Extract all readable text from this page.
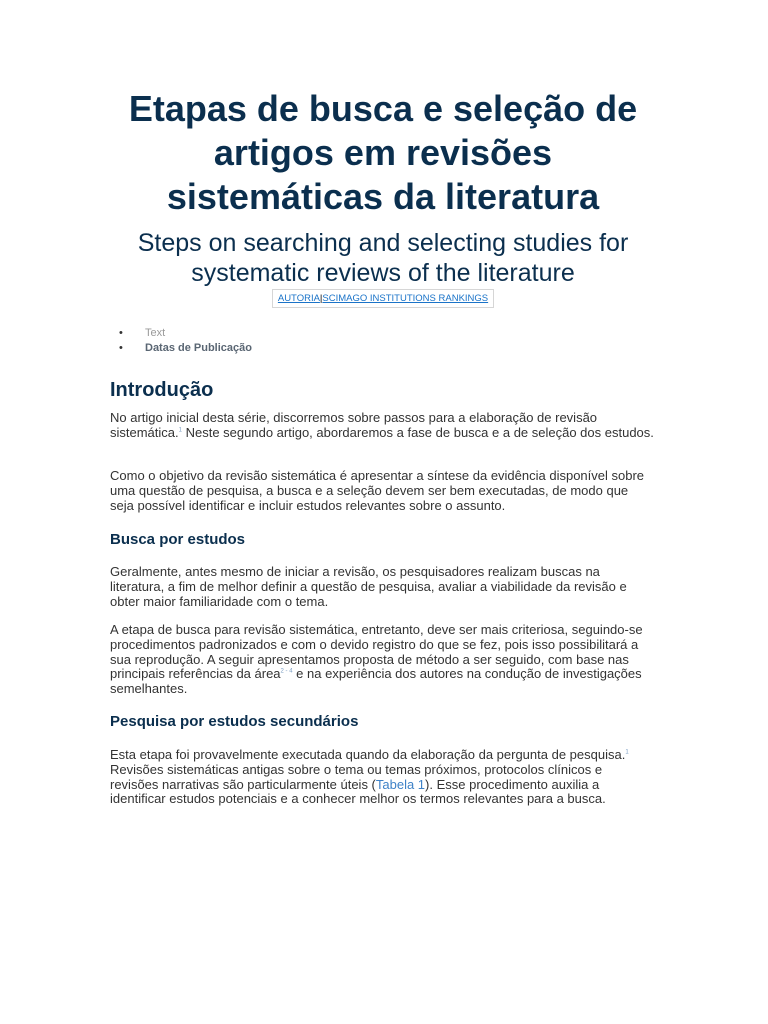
Etapas de busca e seleção de artigos em revisões sistemáticas da literatura
Steps on searching and selecting studies for systematic reviews of the literature
AUTORIA|SCIMAGO INSTITUTIONS RANKINGS
• Text
• Datas de Publicação
Introdução

No artigo inicial desta série, discorremos sobre passos para a elaboração de revisão sistemática.$^1$ Neste segundo artigo, abordaremos a fase de busca e a de seleção dos estudos.

Como o objetivo da revisão sistemática é apresentar a síntese da evidência disponível sobre uma questão de pesquisa, a busca e a seleção devem ser bem executadas, de modo que seja possível identificar e incluir estudos relevantes sobre o assunto.

Busca por estudos

Geralmente, antes mesmo de iniciar a revisão, os pesquisadores realizam buscas na literatura, a fim de melhor definir a questão de pesquisa, avaliar a viabilidade da revisão e obter maior familiaridade com o tema.

A etapa de busca para revisão sistemática, entretanto, deve ser mais criteriosa, seguindo-se procedimentos padronizados e com o devido registro do que se fez, pois isso possibilitará a sua reprodução. A seguir apresentamos proposta de método a ser seguido, com base nas principais referências da área$^{2 - 4}$ e na experiência dos autores na condução de investigações semelhantes.

Pesquisa por estudos secundários

Esta etapa foi provavelmente executada quando da elaboração da pergunta de pesquisa.$^1$ Revisões sistemáticas antigas sobre o tema ou temas próximos, protocolos clínicos e revisões narrativas são particularmente úteis (Tabela 1). Esse procedimento auxilia a identificar estudos potenciais e a conhecer melhor os termos relevantes para a busca.
